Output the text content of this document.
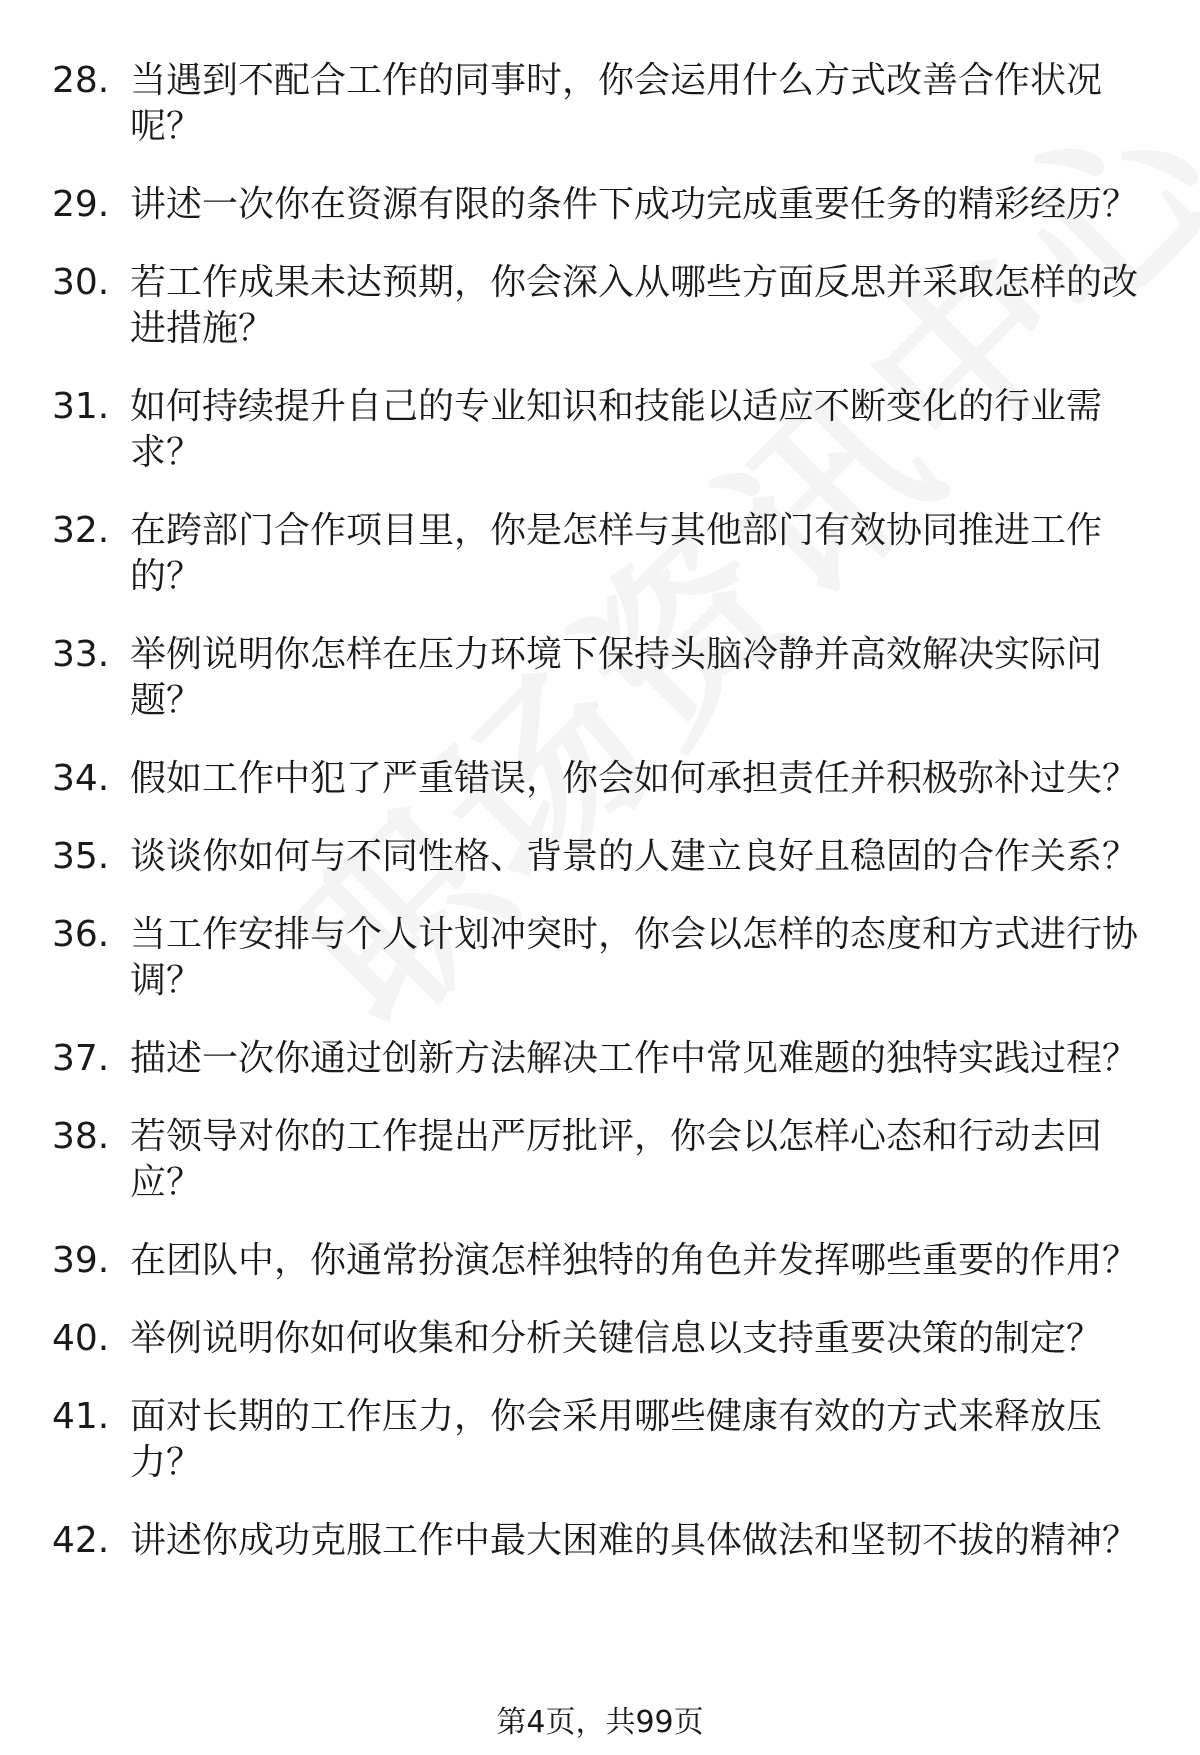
28. 当遇到不配合工作的同事时，你会运用什么方式改善合作状况呢？
29. 讲述一次你在资源有限的条件下成功完成重要任务的精彩经历？
30. 若工作成果未达预期，你会深入从哪些方面反思并采取怎样的改进措施？
31. 如何持续提升自己的专业知识和技能以适应不断变化的行业需求？
32. 在跨部门合作项目里，你是怎样与其他部门有效协同推进工作的？
33. 举例说明你怎样在压力环境下保持头脑冷静并高效解决实际问题？
34. 假如工作中犯了严重错误，你会如何承担责任并积极弥补过失？
35. 谈谈你如何与不同性格、背景的人建立良好且稳固的合作关系？
36. 当工作安排与个人计划冲突时，你会以怎样的态度和方式进行协调？
37. 描述一次你通过创新方法解决工作中常见难题的独特实践过程？
38. 若领导对你的工作提出严厉批评，你会以怎样心态和行动去回应？
39. 在团队中，你通常扮演怎样独特的角色并发挥哪些重要的作用？
40. 举例说明你如何收集和分析关键信息以支持重要决策的制定？
41. 面对长期的工作压力，你会采用哪些健康有效的方式来释放压力？
42. 讲述你成功克服工作中最大困难的具体做法和坚韧不拔的精神？
第4页，共99页
